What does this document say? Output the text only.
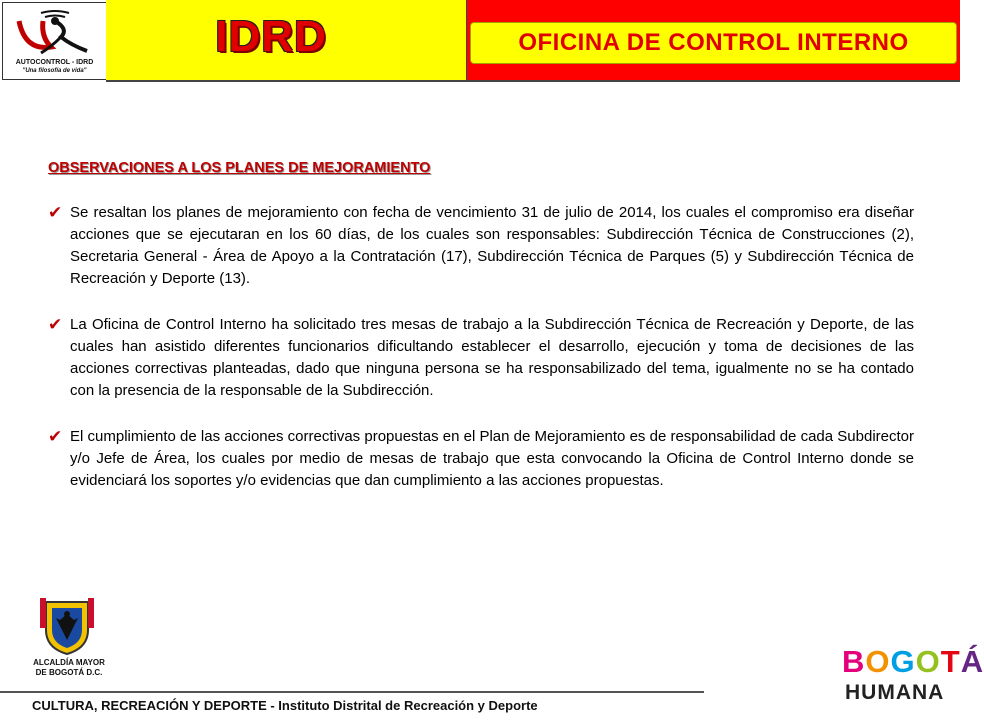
AUTOCONTROL - IDRD
"Una filosofía de vida"
IDRD	OFICINA DE CONTROL INTERNO
OBSERVACIONES A LOS PLANES DE MEJORAMIENTO
✔ Se resaltan los planes de mejoramiento con fecha de vencimiento 31 de julio de 2014, los cuales el compromiso era diseñar acciones que se ejecutaran en los 60 días, de los cuales son responsables: Subdirección Técnica de Construcciones (2), Secretaria General - Área de Apoyo a la Contratación (17), Subdirección Técnica de Parques (5) y Subdirección Técnica de Recreación y Deporte (13).
✔ La Oficina de Control Interno ha solicitado tres mesas de trabajo a la Subdirección Técnica de Recreación y Deporte, de las cuales han asistido diferentes funcionarios dificultando establecer el desarrollo, ejecución y toma de decisiones de las acciones correctivas planteadas, dado que ninguna persona se ha responsabilizado del tema, igualmente no se ha contado con la presencia de la responsable de la Subdirección.
✔ El cumplimiento de las acciones correctivas propuestas en el Plan de Mejoramiento es de responsabilidad de cada Subdirector y/o Jefe de Área, los cuales por medio de mesas de trabajo que esta convocando la Oficina de Control Interno donde se evidenciará los soportes y/o evidencias que dan cumplimiento a las acciones propuestas.
ALCALDÍA MAYOR
DE BOGOTÁ D.C.
CULTURA, RECREACIÓN Y DEPORTE - Instituto Distrital de Recreación y Deporte
BOGOTÁ
HUMANA
